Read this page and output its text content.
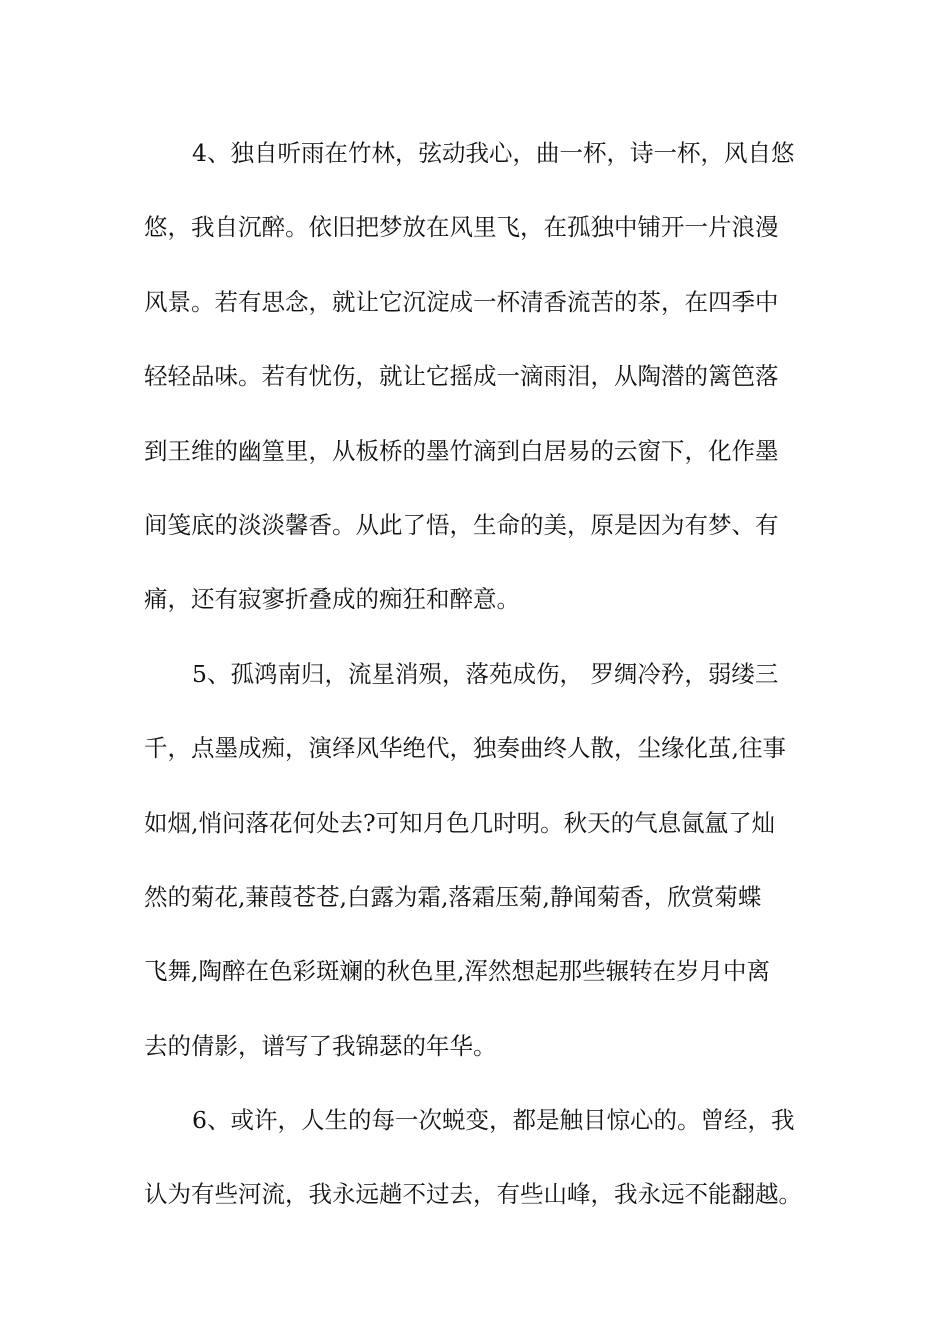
4、独自听雨在竹林，弦动我心，曲一杯，诗一杯，风自悠
悠，我自沉醉。依旧把梦放在风里飞，在孤独中铺开一片浪漫
风景。若有思念，就让它沉淀成一杯清香流苦的茶，在四季中
轻轻品味。若有忧伤，就让它摇成一滴雨泪，从陶潜的篱笆落
到王维的幽篁里，从板桥的墨竹滴到白居易的云窗下，化作墨
间笺底的淡淡馨香。从此了悟，生命的美，原是因为有梦、有
痛，还有寂寥折叠成的痴狂和醉意。
5、孤鸿南归，流星消殒，落苑成伤， 罗绸冷矜，弱缕三
千，点墨成痴，演绎风华绝代，独奏曲终人散，尘缘化茧,往事
如烟,悄问落花何处去?可知月色几时明。秋天的气息氤氲了灿
然的菊花,蒹葭苍苍,白露为霜,落霜压菊,静闻菊香，欣赏菊蝶
飞舞,陶醉在色彩斑斓的秋色里,浑然想起那些辗转在岁月中离
去的倩影，谱写了我锦瑟的年华。
6、或许，人生的每一次蜕变，都是触目惊心的。曾经，我
认为有些河流，我永远趟不过去，有些山峰，我永远不能翻越。
